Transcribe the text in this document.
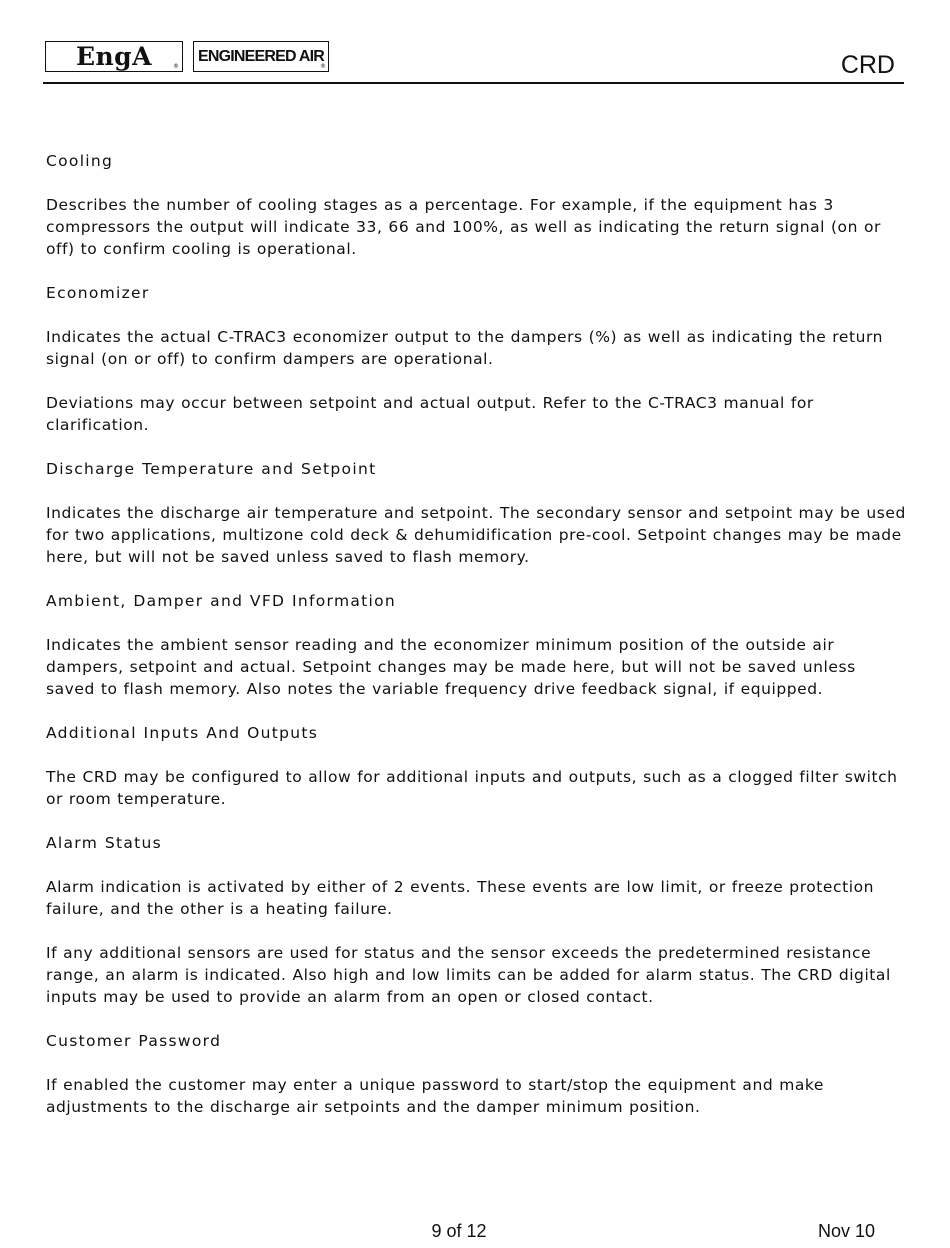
EngA	®
ENGINEERED AIR
®	CRD

Cooling

Describes the number of cooling stages as a percentage. For example, if the equipment has 3 compressors the output will indicate 33, 66 and 100%, as well as indicating the return signal (on or off) to confirm cooling is operational.

Economizer

Indicates the actual C-TRAC3 economizer output to the dampers (%) as well as indicating the return signal (on or off) to confirm dampers are operational.

Deviations may occur between setpoint and actual output. Refer to the C-TRAC3 manual for clarification.

Discharge Temperature and Setpoint

Indicates the discharge air temperature and setpoint. The secondary sensor and setpoint may be used for two applications, multizone cold deck & dehumidification pre-cool. Setpoint changes may be made here, but will not be saved unless saved to flash memory.

Ambient, Damper and VFD Information

Indicates the ambient sensor reading and the economizer minimum position of the outside air dampers, setpoint and actual. Setpoint changes may be made here, but will not be saved unless saved to flash memory. Also notes the variable frequency drive feedback signal, if equipped.

Additional Inputs And Outputs

The CRD may be configured to allow for additional inputs and outputs, such as a clogged filter switch or room temperature.

Alarm Status

Alarm indication is activated by either of 2 events. These events are low limit, or freeze protection failure, and the other is a heating failure.

If any additional sensors are used for status and the sensor exceeds the predetermined resistance range, an alarm is indicated. Also high and low limits can be added for alarm status. The CRD digital inputs may be used to provide an alarm from an open or closed contact.

Customer Password

If enabled the customer may enter a unique password to start/stop the equipment and make adjustments to the discharge air setpoints and the damper minimum position.

9 of 12	Nov 10
